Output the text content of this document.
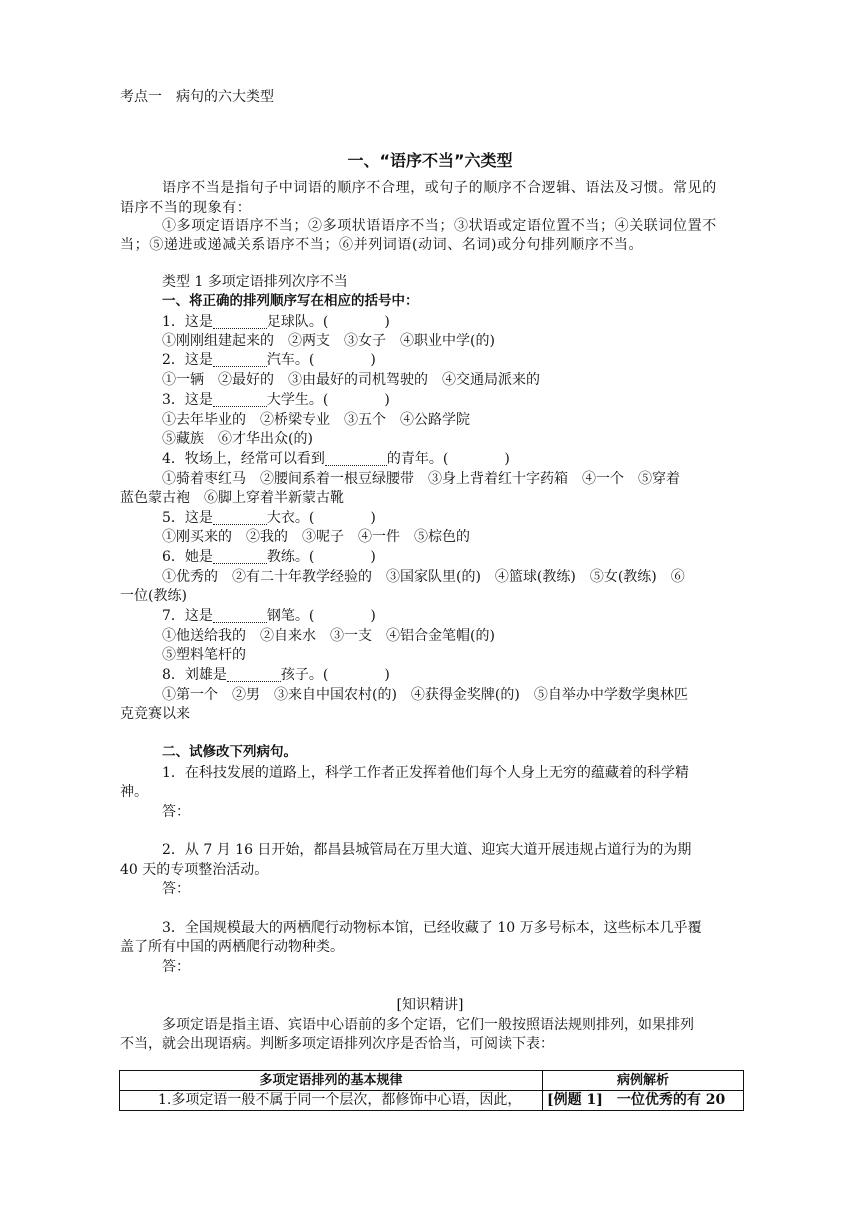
考点一　病句的六大类型
一、“语序不当”六类型
语序不当是指句子中词语的顺序不合理，或句子的顺序不合逻辑、语法及习惯。常见的
语序不当的现象有：
①多项定语语序不当；②多项状语语序不当；③状语或定语位置不当；④关联词位置不
当；⑤递进或递减关系语序不当；⑥并列词语(动词、名词)或分句排列顺序不当。
类型 1 多项定语排列次序不当
一、将正确的排列顺序写在相应的括号中：
1．这是	足球队。(	)
①刚刚组建起来的　②两支　③女子　④职业中学(的)
2．这是	汽车。(	)
①一辆　②最好的　③由最好的司机驾驶的　④交通局派来的
3．这是	大学生。(	)
①去年毕业的　②桥梁专业　③五个　④公路学院
⑤藏族　⑥才华出众(的)
4．牧场上，经常可以看到	的青年。(	)
①骑着枣红马　②腰间系着一根豆绿腰带　③身上背着红十字药箱　④一个　⑤穿着
蓝色蒙古袍　⑥脚上穿着半新蒙古靴
5．这是	大衣。(	)
①刚买来的　②我的　③呢子　④一件　⑤棕色的
6．她是	教练。(	)
①优秀的　②有二十年教学经验的　③国家队里(的)　④篮球(教练)　⑤女(教练)　⑥
一位(教练)
7．这是	钢笔。(	)
①他送给我的　②自来水　③一支　④铝合金笔帽(的)
⑤塑料笔杆的
8．刘雄是	孩子。(	)
①第一个　②男　③来自中国农村(的)　④获得金奖牌(的)　⑤自举办中学数学奥林匹
克竞赛以来
二、试修改下列病句。
1．在科技发展的道路上，科学工作者正发挥着他们每个人身上无穷的蕴藏着的科学精
神。
答：
2．从 7 月 16 日开始，都昌县城管局在万里大道、迎宾大道开展违规占道行为的为期
40 天的专项整治活动。
答：
3．全国规模最大的两栖爬行动物标本馆，已经收藏了 10 万多号标本，这些标本几乎覆
盖了所有中国的两栖爬行动物种类。
答：
[知识精讲]
多项定语是指主语、宾语中心语前的多个定语，它们一般按照语法规则排列，如果排列
不当，就会出现语病。判断多项定语排列次序是否恰当，可阅读下表：
多项定语排列的基本规律	病例解析
1.多项定语一般不属于同一个层次，都修饰中心语，因此，	[例题 1]　一位优秀的有 20
